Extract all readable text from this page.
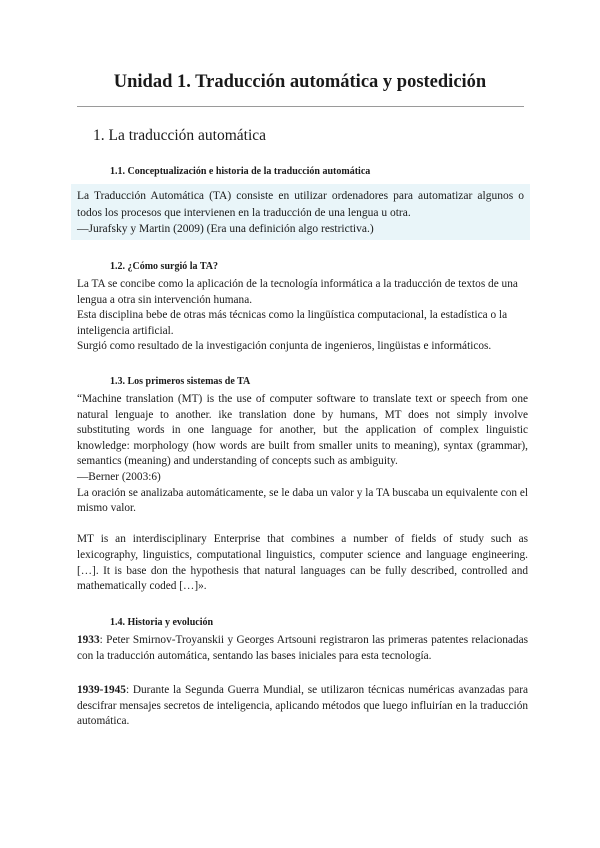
Unidad 1. Traducción automática y postedición
1. La traducción automática
1.1. Conceptualización e historia de la traducción automática

La Traducción Automática (TA) consiste en utilizar ordenadores para automatizar algunos o todos los procesos que intervienen en la traducción de una lengua u otra.

—Jurafsky y Martin (2009) (Era una definición algo restrictiva.)

1.2. ¿Cómo surgió la TA?

La TA se concibe como la aplicación de la tecnología informática a la traducción de textos de una lengua a otra sin intervención humana.

Esta disciplina bebe de otras más técnicas como la lingüística computacional, la estadística o la inteligencia artificial.

Surgió como resultado de la investigación conjunta de ingenieros, lingüistas e informáticos.

1.3. Los primeros sistemas de TA

“Machine translation (MT) is the use of computer software to translate text or speech from one natural lenguaje to another. ike translation done by humans, MT does not simply involve substituting words in one language for another, but the application of complex linguistic knowledge: morphology (how words are built from smaller units to meaning), syntax (grammar), semantics (meaning) and understanding of concepts such as ambiguity.

—Berner (2003:6)

La oración se analizaba automáticamente, se le daba un valor y la TA buscaba un equivalente con el mismo valor.

MT is an interdisciplinary Enterprise that combines a number of fields of study such as lexicography, linguistics, computational linguistics, computer science and language engineering. […]. It is base don the hypothesis that natural languages can be fully described, controlled and mathematically coded […]».

1.4. Historia y evolución

1933: Peter Smirnov-Troyanskii y Georges Artsouni registraron las primeras patentes relacionadas con la traducción automática, sentando las bases iniciales para esta tecnología.

1939-1945: Durante la Segunda Guerra Mundial, se utilizaron técnicas numéricas avanzadas para descifrar mensajes secretos de inteligencia, aplicando métodos que luego influirían en la traducción automática.
